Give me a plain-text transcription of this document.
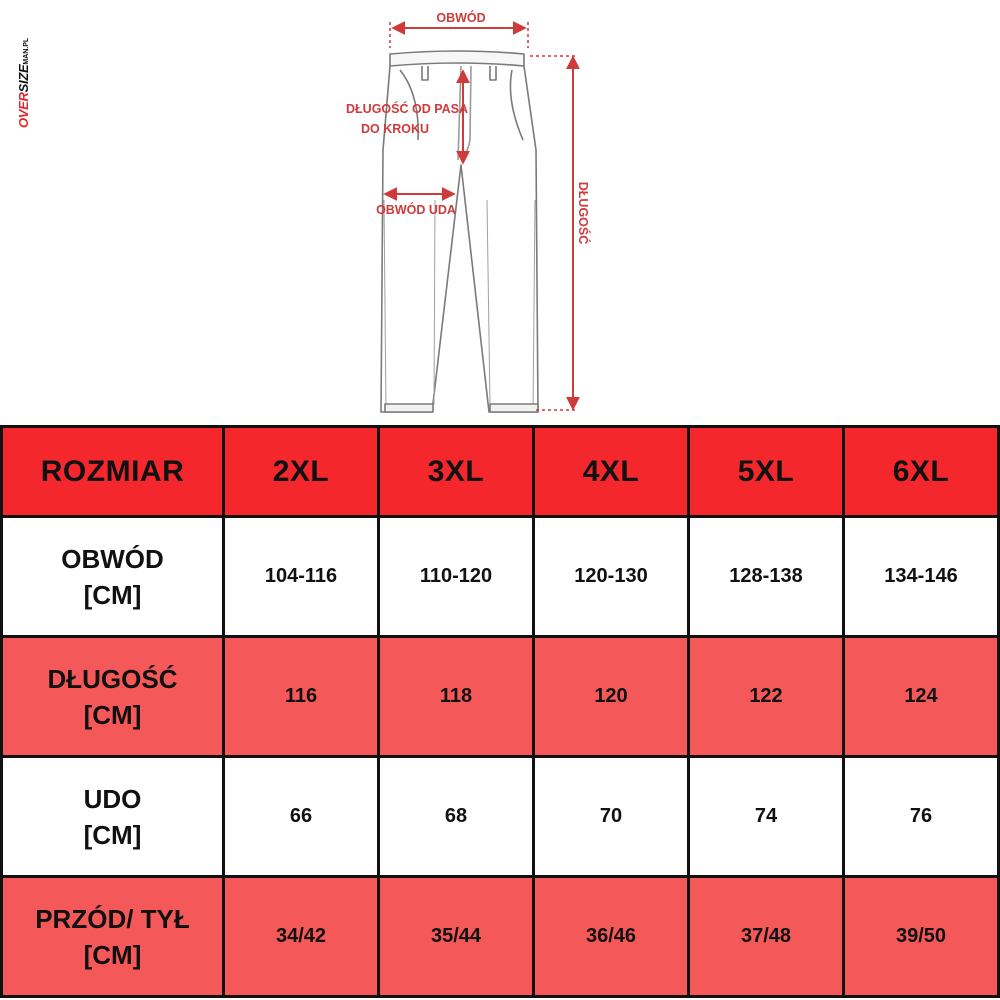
OVERSIZEMAN.PL
OBWÓD
DŁUGOŚĆ OD PASA
DO KROKU
OBWÓD UDA	DŁUGOŚĆ
ROZMIAR	2XL	3XL	4XL	5XL	6XL

OBWÓD
[CM]	104-116	110-120	120-130	128-138	134-146

DŁUGOŚĆ
[CM]	116	118	120	122	124

UDO
[CM]	66	68	70	74	76

PRZÓD/ TYŁ
[CM]	34/42	35/44	36/46	37/48	39/50
